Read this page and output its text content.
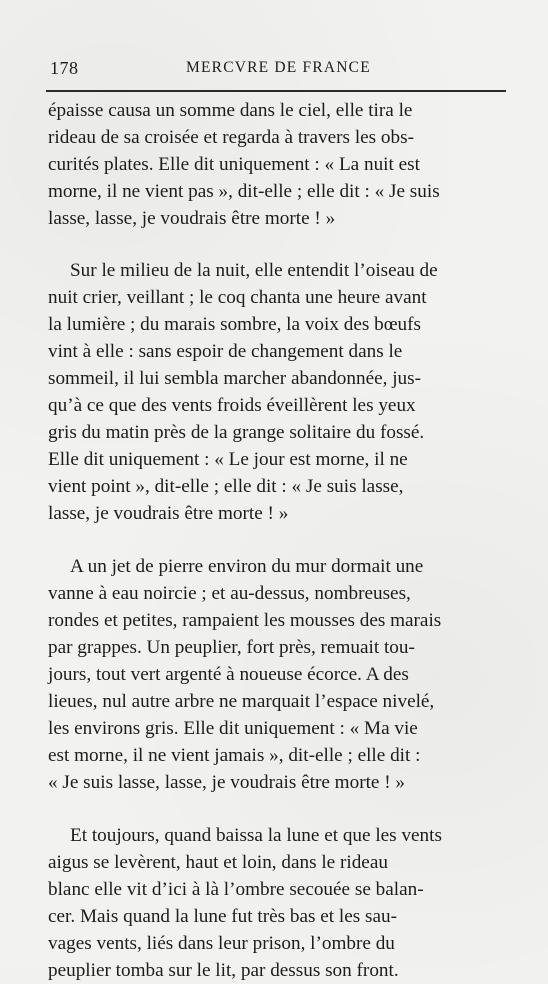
178	MERCVRE DE FRANCE

épaisse causa un somme dans le ciel, elle tira le
rideau de sa croisée et regarda à travers les obs-
curités plates. Elle dit uniquement : « La nuit est
morne, il ne vient pas », dit-elle ; elle dit : « Je suis
lasse, lasse, je voudrais être morte ! »

Sur le milieu de la nuit, elle entendit l’oiseau de
nuit crier, veillant ; le coq chanta une heure avant
la lumière ; du marais sombre, la voix des bœufs
vint à elle : sans espoir de changement dans le
sommeil, il lui sembla marcher abandonnée, jus-
qu’à ce que des vents froids éveillèrent les yeux
gris du matin près de la grange solitaire du fossé.
Elle dit uniquement : « Le jour est morne, il ne
vient point », dit-elle ; elle dit : « Je suis lasse,
lasse, je voudrais être morte ! »

A un jet de pierre environ du mur dormait une
vanne à eau noircie ; et au-dessus, nombreuses,
rondes et petites, rampaient les mousses des marais
par grappes. Un peuplier, fort près, remuait tou-
jours, tout vert argenté à noueuse écorce. A des
lieues, nul autre arbre ne marquait l’espace nivelé,
les environs gris. Elle dit uniquement : « Ma vie
est morne, il ne vient jamais », dit-elle ; elle dit :
« Je suis lasse, lasse, je voudrais être morte ! »

Et toujours, quand baissa la lune et que les vents
aigus se levèrent, haut et loin, dans le rideau
blanc elle vit d’ici à là l’ombre secouée se balan-
cer. Mais quand la lune fut très bas et les sau-
vages vents, liés dans leur prison, l’ombre du
peuplier tomba sur le lit, par dessus son front.
